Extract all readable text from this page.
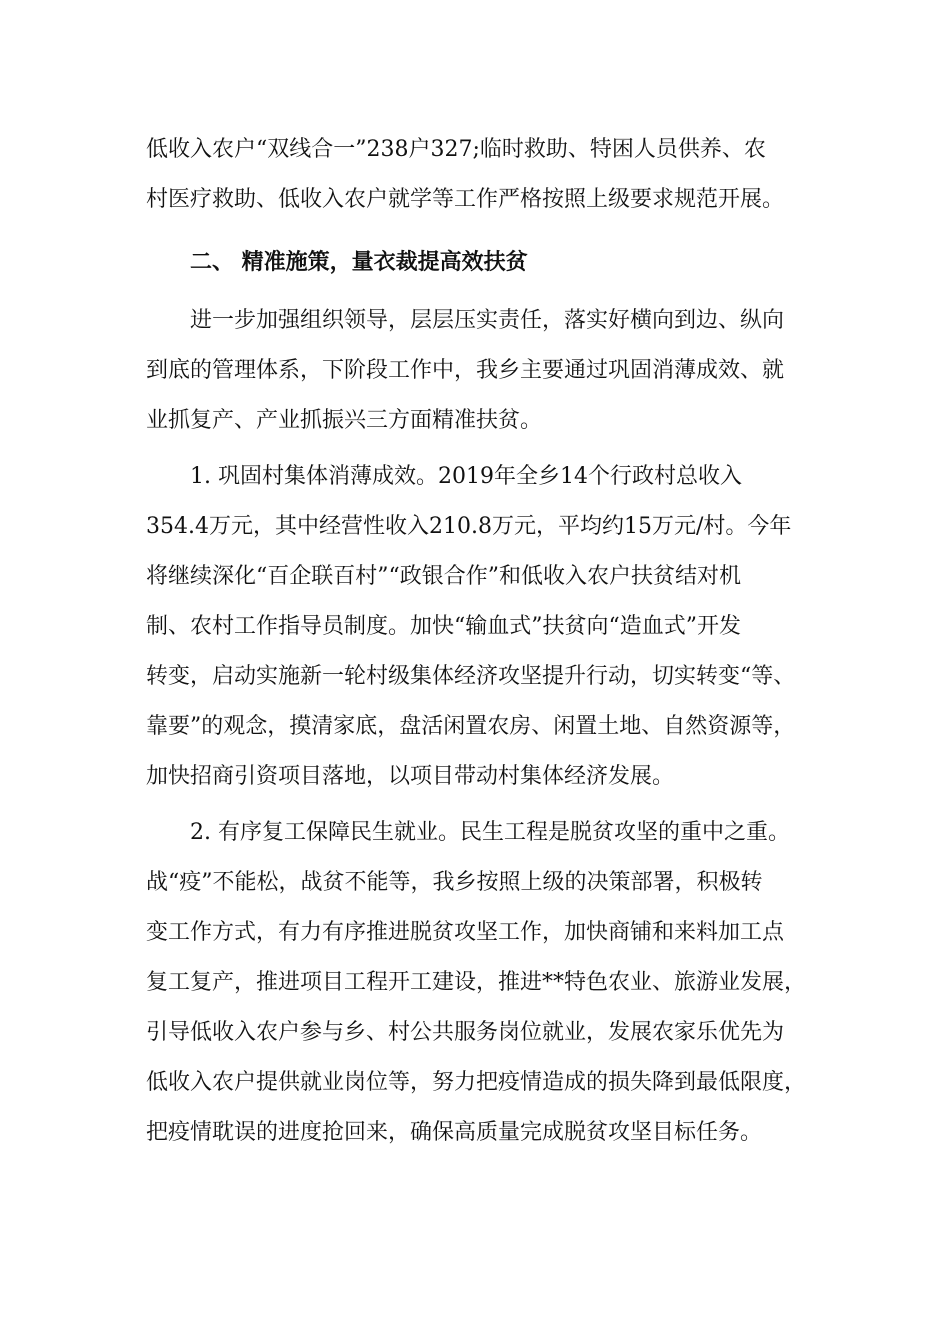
低收入农户“双线合一”238户327;临时救助、特困人员供养、农
村医疗救助、低收入农户就学等工作严格按照上级要求规范开展。
二、 精准施策，量衣裁提高效扶贫
进一步加强组织领导，层层压实责任，落实好横向到边、纵向
到底的管理体系，下阶段工作中，我乡主要通过巩固消薄成效、就
业抓复产、产业抓振兴三方面精准扶贫。
1. 巩固村集体消薄成效。2019年全乡14个行政村总收入
354.4万元，其中经营性收入210.8万元，平均约15万元/村。今年
将继续深化“百企联百村”“政银合作”和低收入农户扶贫结对机
制、农村工作指导员制度。加快“输血式”扶贫向“造血式”开发
转变，启动实施新一轮村级集体经济攻坚提升行动，切实转变“等、
靠要”的观念，摸清家底，盘活闲置农房、闲置土地、自然资源等，
加快招商引资项目落地，以项目带动村集体经济发展。
2. 有序复工保障民生就业。民生工程是脱贫攻坚的重中之重。
战“疫”不能松，战贫不能等，我乡按照上级的决策部署，积极转
变工作方式，有力有序推进脱贫攻坚工作，加快商铺和来料加工点
复工复产，推进项目工程开工建设，推进**特色农业、旅游业发展，
引导低收入农户参与乡、村公共服务岗位就业，发展农家乐优先为
低收入农户提供就业岗位等，努力把疫情造成的损失降到最低限度，
把疫情耽误的进度抢回来，确保高质量完成脱贫攻坚目标任务。
